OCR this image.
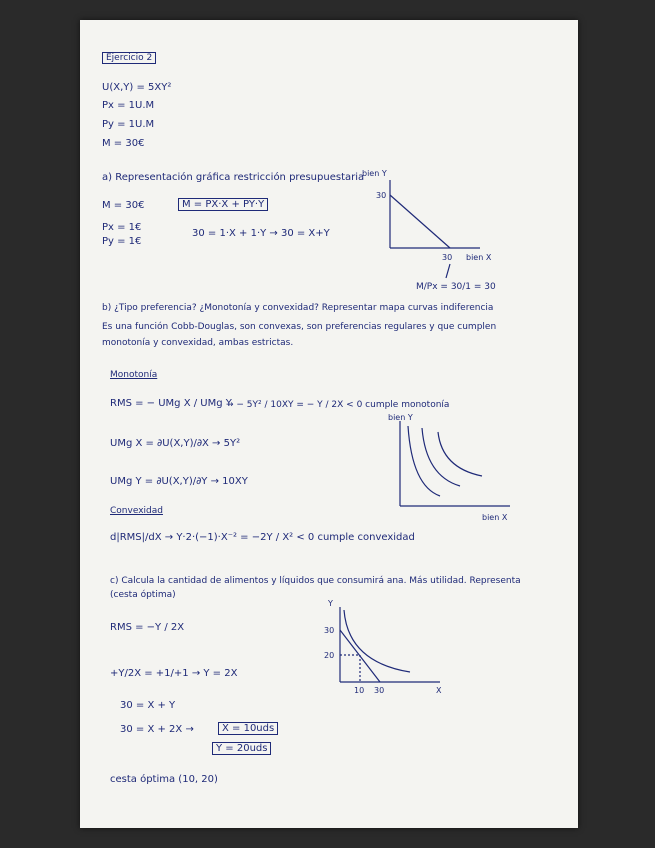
Ejercicio 2
U(X,Y) = 5XY²
Px = 1U.M
Py = 1U.M
M = 30€
a) Representación gráfica restricción presupuestaria
M = 30€	M = PX·X + PY·Y
Px = 1€
Py = 1€
30 = 1·X + 1·Y → 30 = X+Y
bien Y
30
30 bien X
M/Px = 30/1 = 30
b) ¿Tipo preferencia? ¿Monotonía y convexidad? Representar mapa curvas indiferencia
Es una función Cobb-Douglas, son convexas, son preferencias regulares y que cumplen
monotonía y convexidad, ambas estrictas.
Monotonía
RMS = − UMg X / UMg Y
→ − 5Y² / 10XY = − Y / 2X < 0 cumple monotonía
UMg X = ∂U(X,Y)/∂X → 5Y²
UMg Y = ∂U(X,Y)/∂Y → 10XY
bien Y
bien X
Convexidad
d|RMS|/dX → Y·2·(−1)·X⁻² = −2Y / X² < 0 cumple convexidad
c) Calcula la cantidad de alimentos y líquidos que consumirá ana. Más utilidad. Representa
(cesta óptima)
RMS = −Y / 2X
+Y/2X = +1/+1 → Y = 2X
30 = X + Y
30 = X + 2X →	X = 10uds
Y = 20uds
cesta óptima (10, 20)
Y
30
20
10 30	X
